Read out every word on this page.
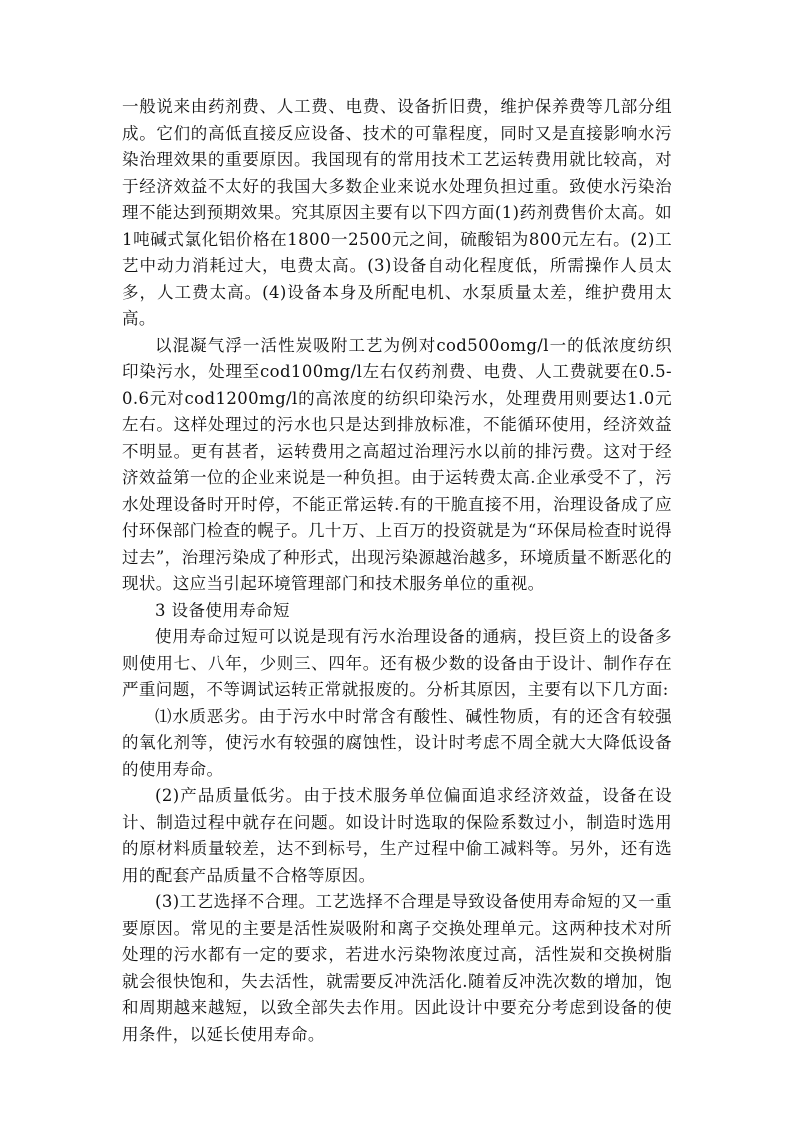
一般说来由药剂费、人工费、电费、设备折旧费，维护保养费等几部分组成。它们的高低直接反应设备、技术的可靠程度，同时又是直接影响水污染治理效果的重要原因。我国现有的常用技术工艺运转费用就比较高，对于经济效益不太好的我国大多数企业来说水处理负担过重。致使水污染治理不能达到预期效果。究其原因主要有以下四方面(1)药剂费售价太高。如1吨碱式氯化铝价格在1800一2500元之间，硫酸铝为800元左右。(2)工艺中动力消耗过大，电费太高。(3)设备自动化程度低，所需操作人员太多，人工费太高。(4)设备本身及所配电机、水泵质量太差，维护费用太高。

以混凝气浮一活性炭吸附工艺为例对cod500omg/l一的低浓度纺织印染污水，处理至cod100mg/l左右仅药剂费、电费、人工费就要在0.5-0.6元对cod1200mg/l的高浓度的纺织印染污水，处理费用则要达1.0元左右。这样处理过的污水也只是达到排放标准，不能循环使用，经济效益不明显。更有甚者，运转费用之高超过治理污水以前的排污费。这对于经济效益第一位的企业来说是一种负担。由于运转费太高.企业承受不了，污水处理设备时开时停，不能正常运转.有的干脆直接不用，治理设备成了应付环保部门检查的幌子。几十万、上百万的投资就是为“环保局检查时说得过去”，治理污染成了种形式，出现污染源越治越多，环境质量不断恶化的现状。这应当引起环境管理部门和技术服务单位的重视。

3 设备使用寿命短

使用寿命过短可以说是现有污水治理设备的通病，投巨资上的设备多则使用七、八年，少则三、四年。还有极少数的设备由于设计、制作存在严重问题，不等调试运转正常就报废的。分析其原因，主要有以下几方面:

⑴水质恶劣。由于污水中时常含有酸性、碱性物质，有的还含有较强的氧化剂等，使污水有较强的腐蚀性，设计时考虑不周全就大大降低设备的使用寿命。

(2)产品质量低劣。由于技术服务单位偏面追求经济效益，设备在设计、制造过程中就存在问题。如设计时选取的保险系数过小，制造时选用的原材料质量较差，达不到标号，生产过程中偷工减料等。另外，还有选用的配套产品质量不合格等原因。

(3)工艺选择不合理。工艺选择不合理是导致设备使用寿命短的又一重要原因。常见的主要是活性炭吸附和离子交换处理单元。这两种技术对所处理的污水都有一定的要求，若进水污染物浓度过高，活性炭和交换树脂就会很快饱和，失去活性，就需要反冲洗活化.随着反冲洗次数的增加，饱和周期越来越短，以致全部失去作用。因此设计中要充分考虑到设备的使用条件，以延长使用寿命。
